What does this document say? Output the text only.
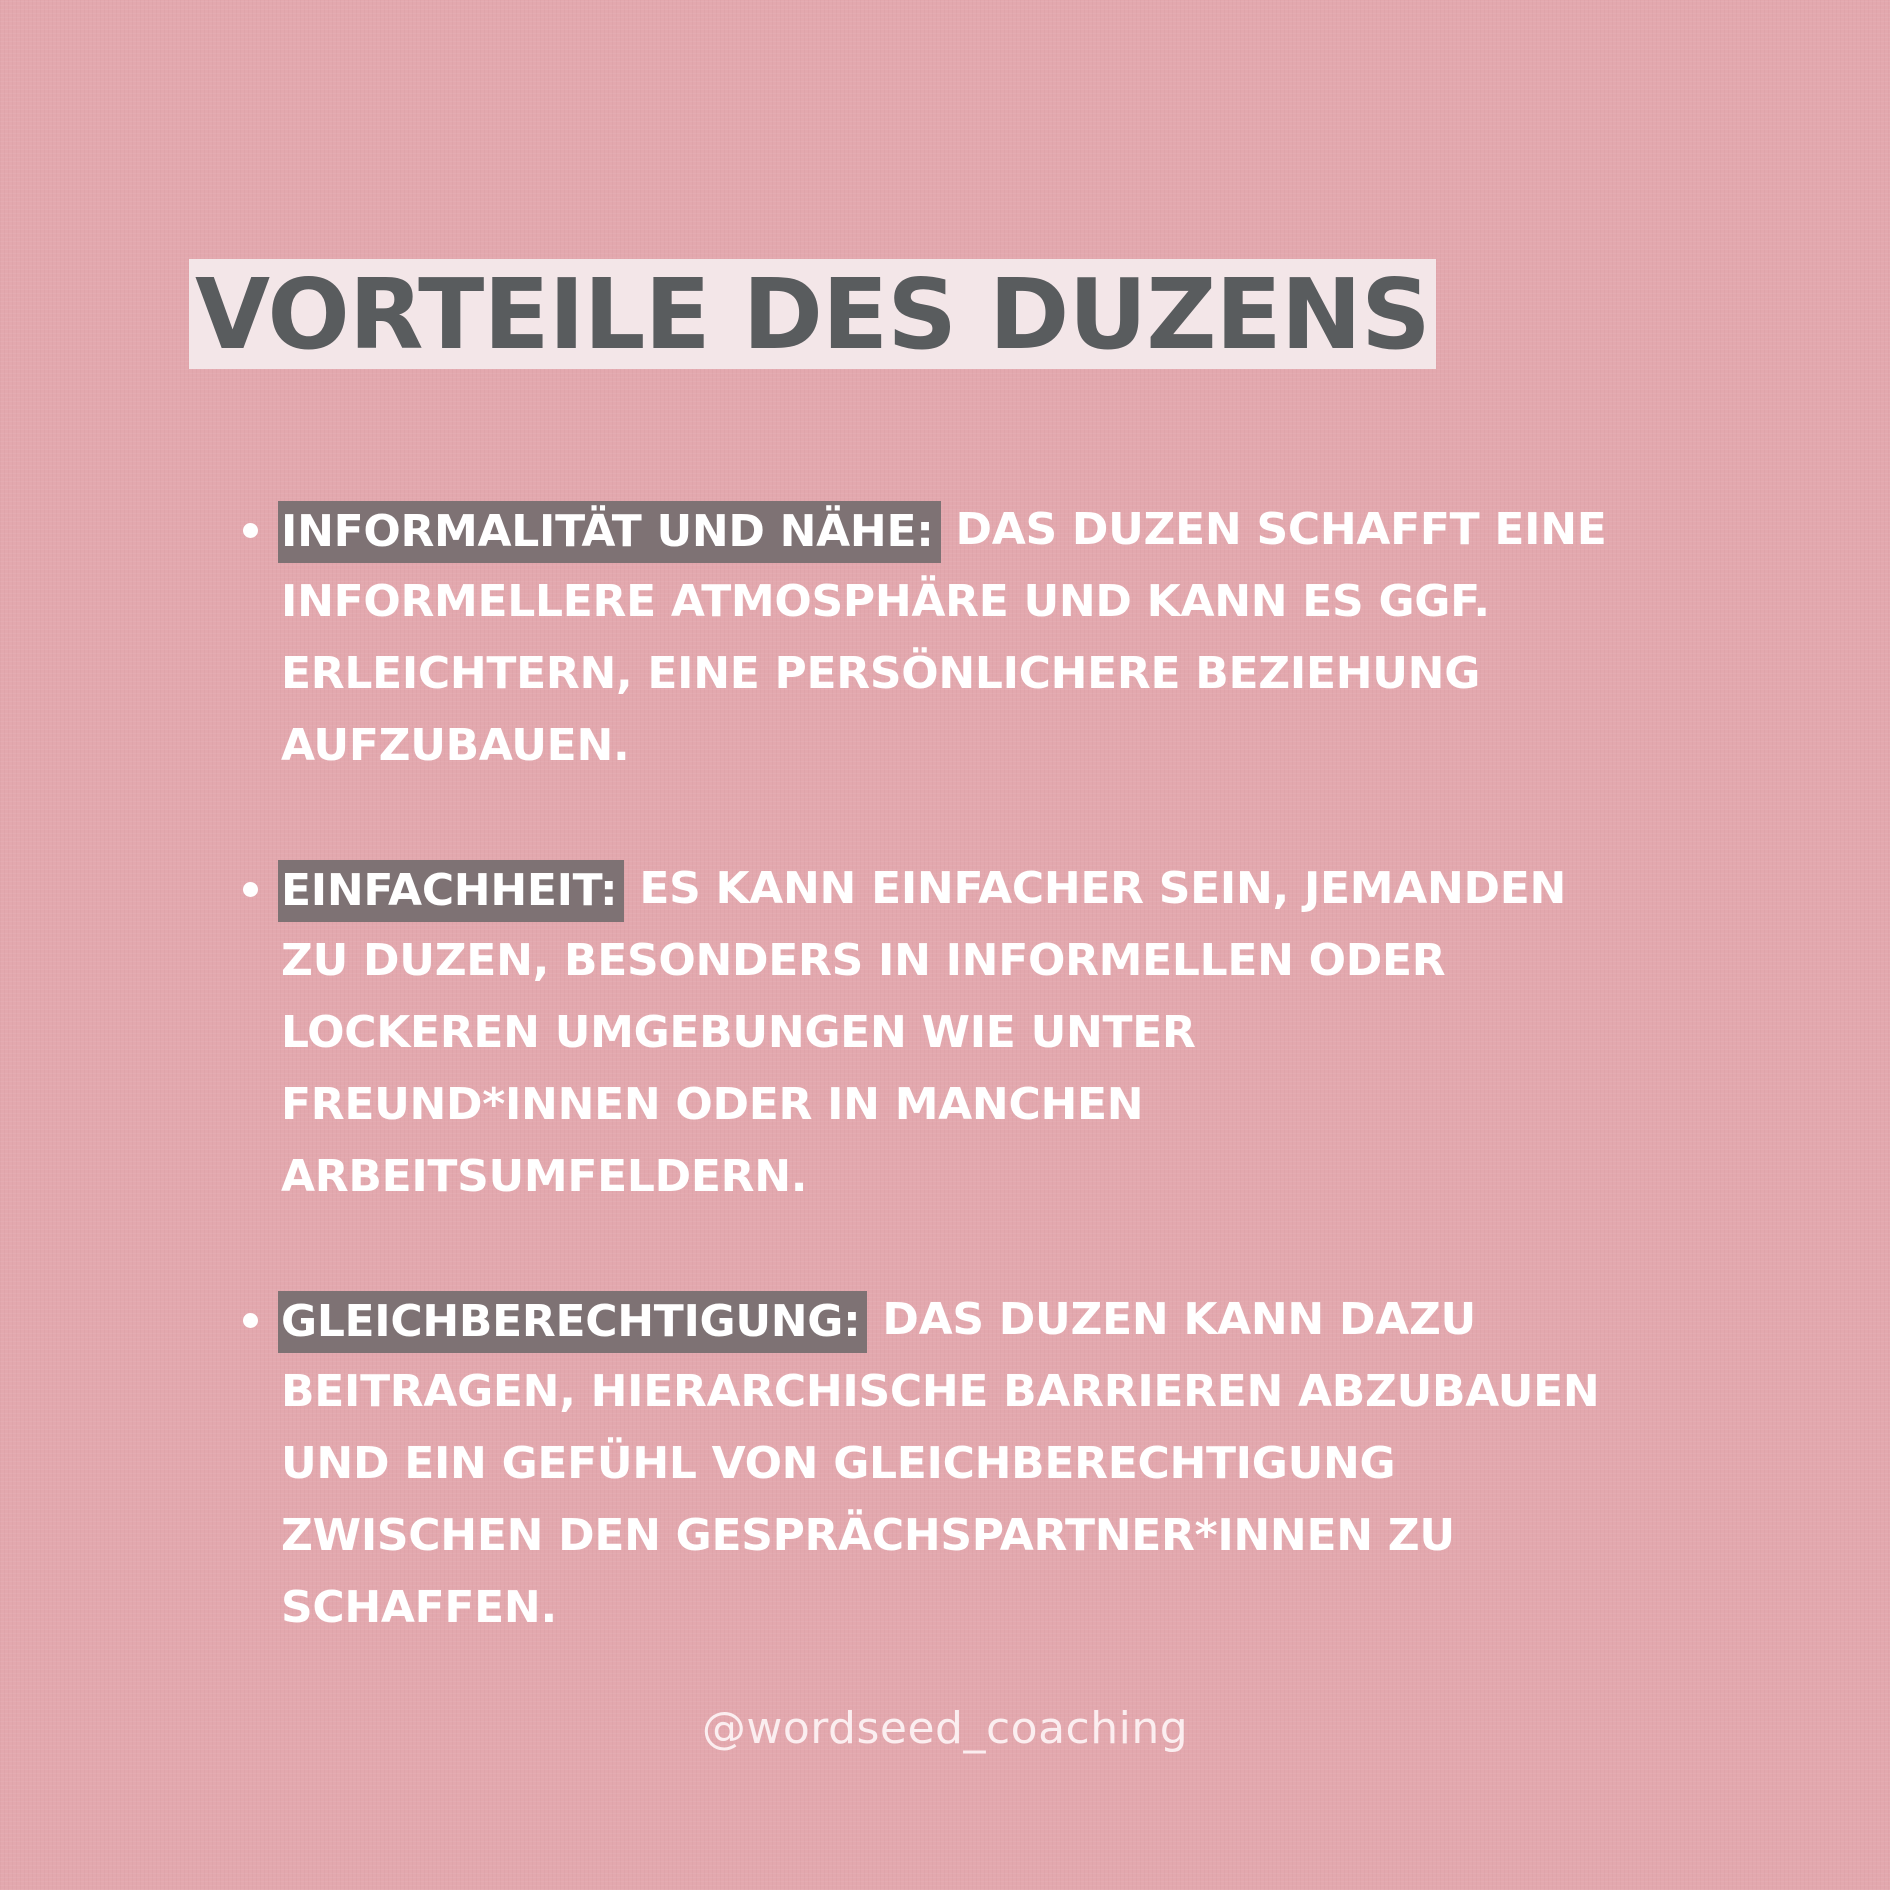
VORTEILE DES DUZENS
INFORMALITÄT UND NÄHE: DAS DUZEN SCHAFFT EINE
INFORMELLERE ATMOSPHÄRE UND KANN ES GGF.
ERLEICHTERN, EINE PERSÖNLICHERE BEZIEHUNG
AUFZUBAUEN.
EINFACHHEIT: ES KANN EINFACHER SEIN, JEMANDEN
ZU DUZEN, BESONDERS IN INFORMELLEN ODER
LOCKEREN UMGEBUNGEN WIE UNTER
FREUND*INNEN ODER IN MANCHEN
ARBEITSUMFELDERN.
GLEICHBERECHTIGUNG: DAS DUZEN KANN DAZU
BEITRAGEN, HIERARCHISCHE BARRIEREN ABZUBAUEN
UND EIN GEFÜHL VON GLEICHBERECHTIGUNG
ZWISCHEN DEN GESPRÄCHSPARTNER*INNEN ZU
SCHAFFEN.
@wordseed_coaching
